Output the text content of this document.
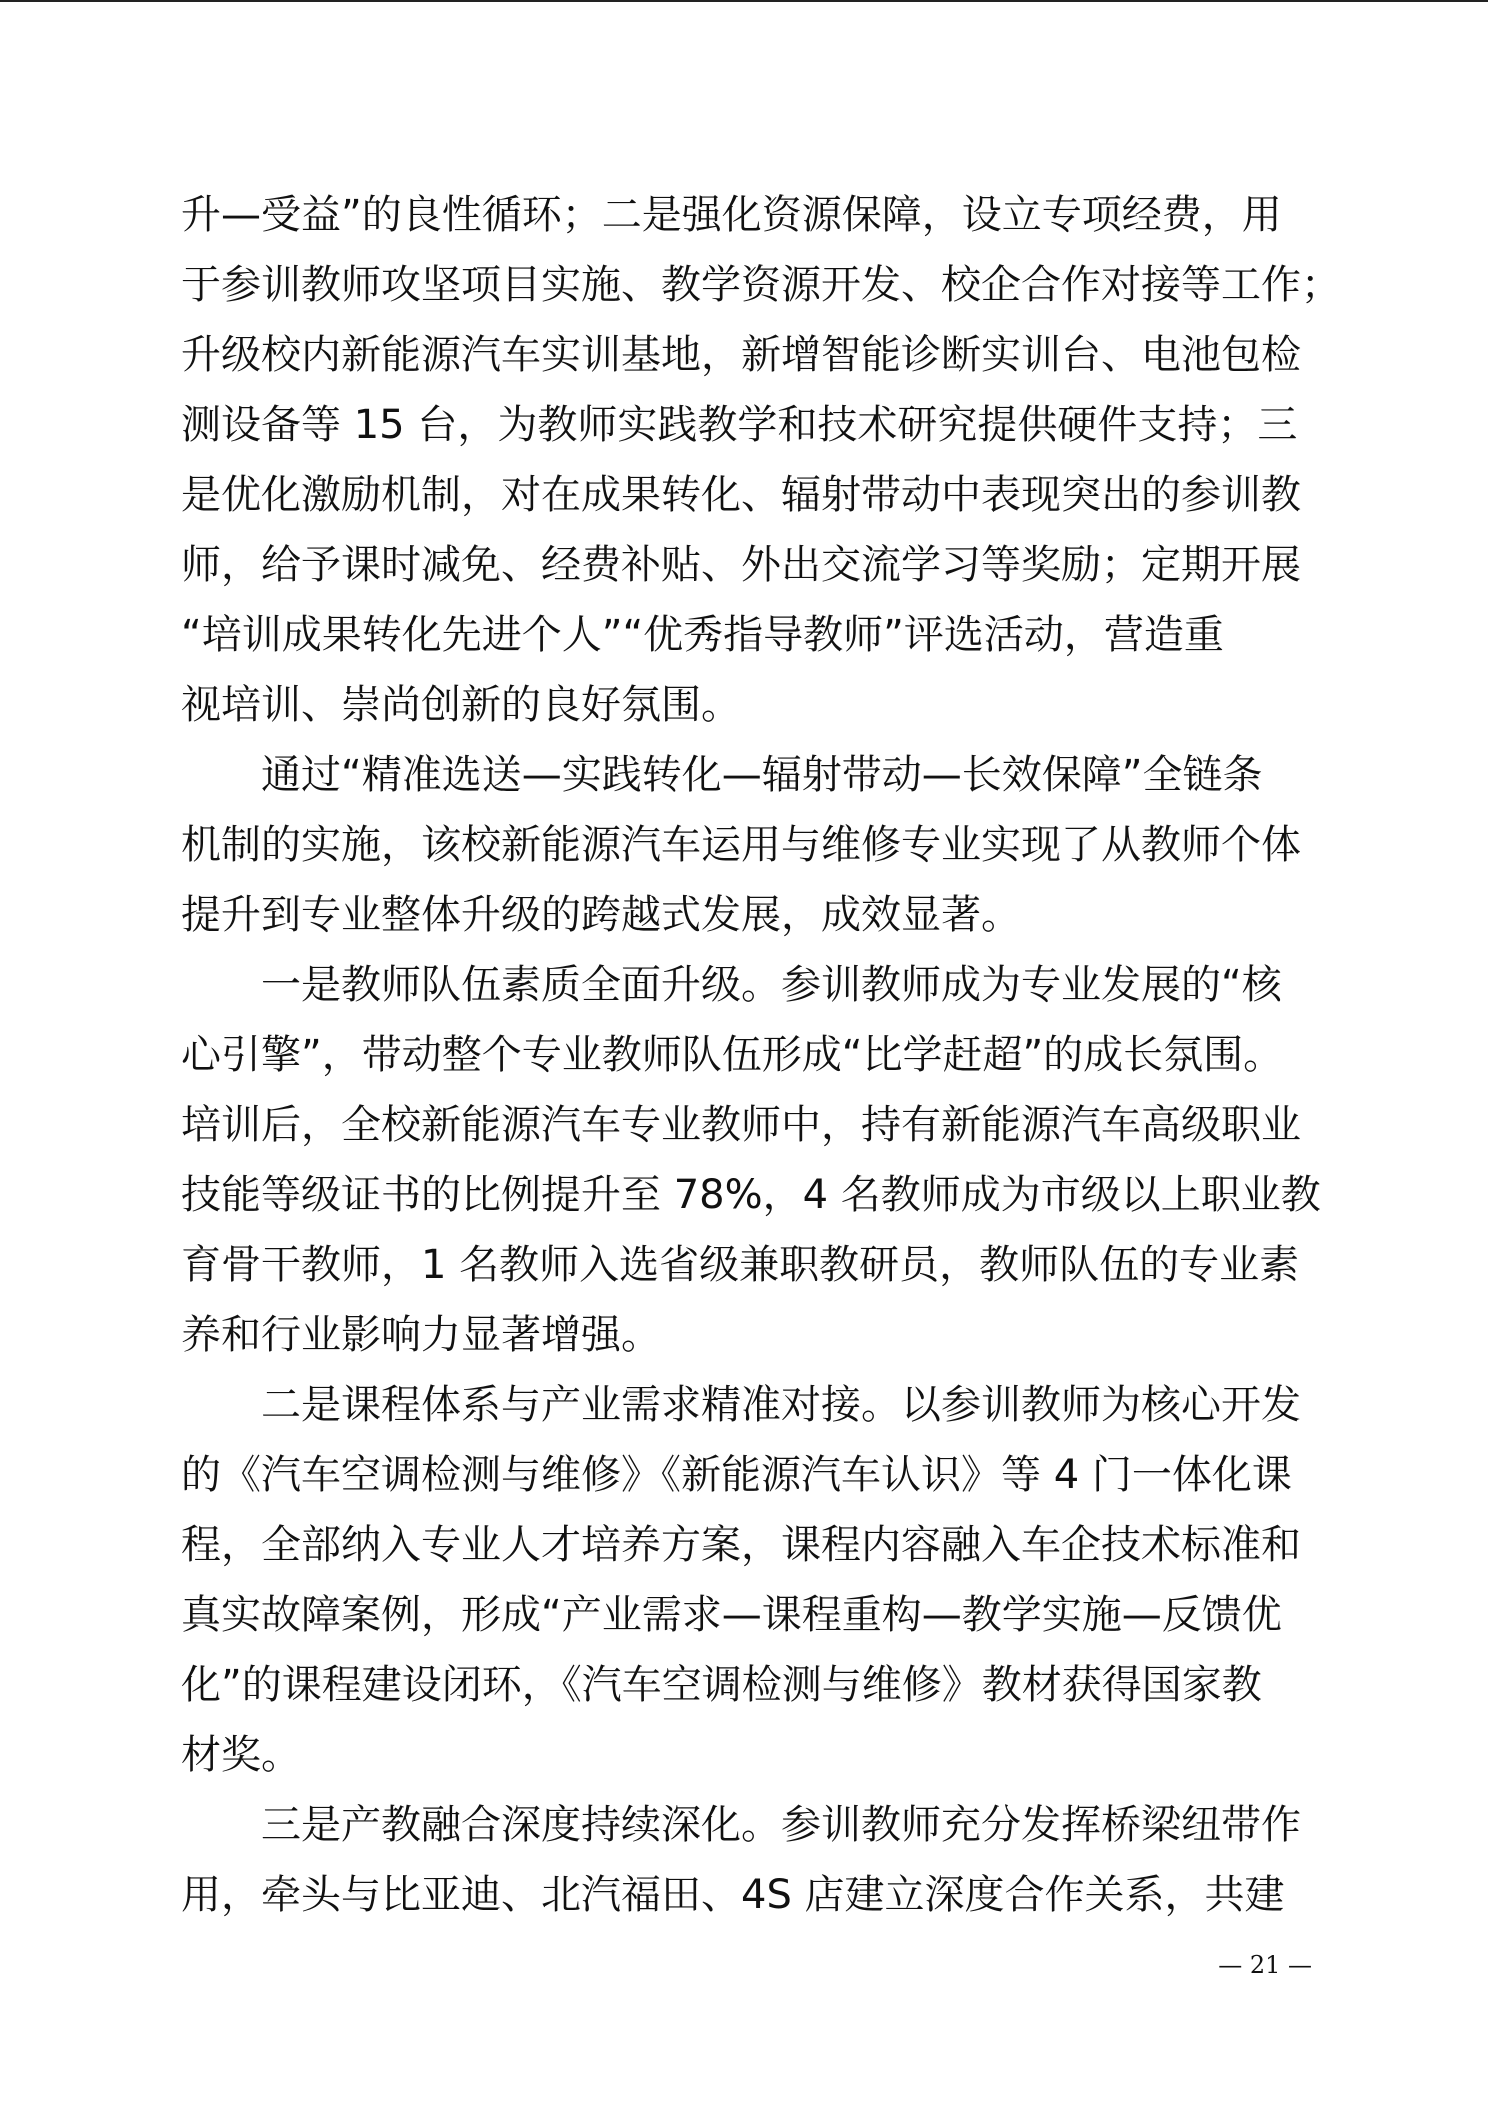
升—受益”的良性循环；二是强化资源保障，设立专项经费，用
于参训教师攻坚项目实施、教学资源开发、校企合作对接等工作；
升级校内新能源汽车实训基地，新增智能诊断实训台、电池包检
测设备等 15 台，为教师实践教学和技术研究提供硬件支持；三
是优化激励机制，对在成果转化、辐射带动中表现突出的参训教
师，给予课时减免、经费补贴、外出交流学习等奖励；定期开展
“培训成果转化先进个人”“优秀指导教师”评选活动，营造重
视培训、崇尚创新的良好氛围。
　　通过“精准选送—实践转化—辐射带动—长效保障”全链条
机制的实施，该校新能源汽车运用与维修专业实现了从教师个体
提升到专业整体升级的跨越式发展，成效显著。
　　一是教师队伍素质全面升级。参训教师成为专业发展的“核
心引擎”，带动整个专业教师队伍形成“比学赶超”的成长氛围。
培训后，全校新能源汽车专业教师中，持有新能源汽车高级职业
技能等级证书的比例提升至 78%，4 名教师成为市级以上职业教
育骨干教师，1 名教师入选省级兼职教研员，教师队伍的专业素
养和行业影响力显著增强。
　　二是课程体系与产业需求精准对接。以参训教师为核心开发
的《汽车空调检测与维修》《新能源汽车认识》等 4 门一体化课
程，全部纳入专业人才培养方案，课程内容融入车企技术标准和
真实故障案例，形成“产业需求—课程重构—教学实施—反馈优
化”的课程建设闭环，《汽车空调检测与维修》教材获得国家教
材奖。
　　三是产教融合深度持续深化。参训教师充分发挥桥梁纽带作
用，牵头与比亚迪、北汽福田、4S 店建立深度合作关系，共建
— 21 —
